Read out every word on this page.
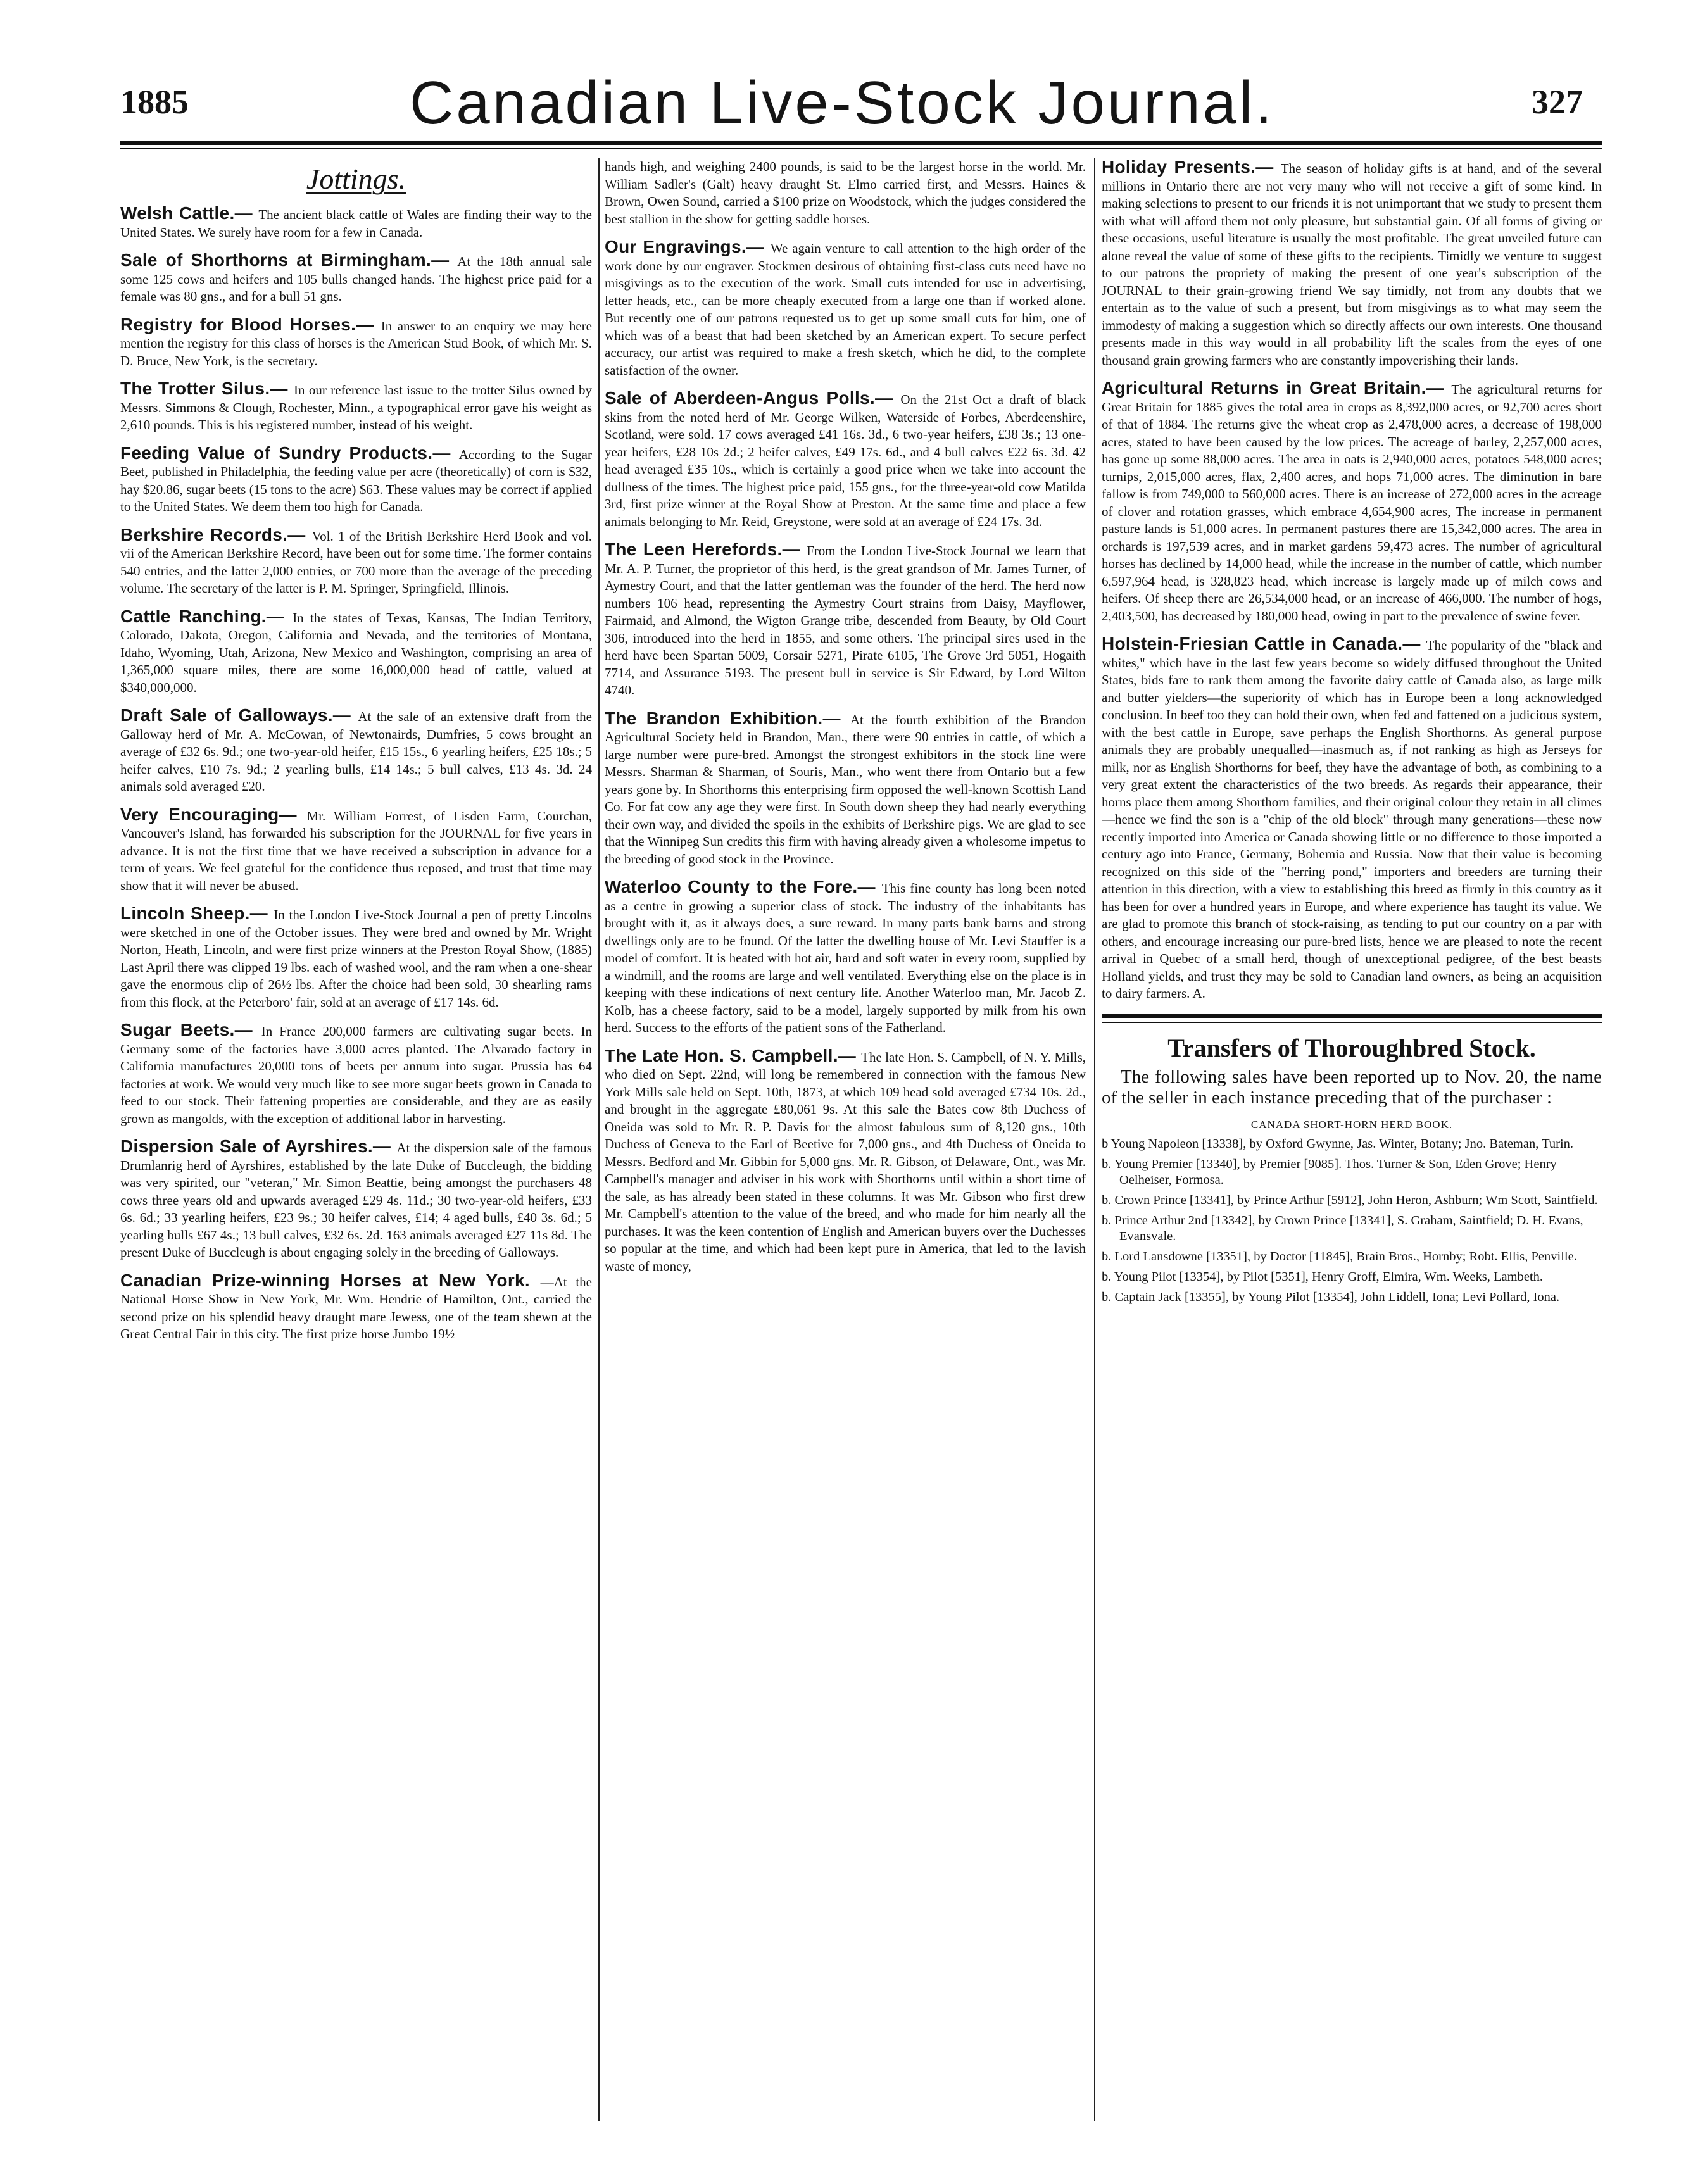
1885	Canadian Live-Stock Journal.	327
Jottings.

Welsh Cattle.— The ancient black cattle of Wales are finding their way to the United States. We surely have room for a few in Canada.

Sale of Shorthorns at Birmingham.— At the 18th annual sale some 125 cows and heifers and 105 bulls changed hands. The highest price paid for a female was 80 gns., and for a bull 51 gns.

Registry for Blood Horses.— In answer to an enquiry we may here mention the registry for this class of horses is the American Stud Book, of which Mr. S. D. Bruce, New York, is the secretary.

The Trotter Silus.— In our reference last issue to the trotter Silus owned by Messrs. Simmons & Clough, Rochester, Minn., a typographical error gave his weight as 2,610 pounds. This is his registered number, instead of his weight.

Feeding Value of Sundry Products.— According to the Sugar Beet, published in Philadelphia, the feeding value per acre (theoretically) of corn is $32, hay $20.86, sugar beets (15 tons to the acre) $63. These values may be correct if applied to the United States. We deem them too high for Canada.

Berkshire Records.— Vol. 1 of the British Berkshire Herd Book and vol. vii of the American Berkshire Record, have been out for some time. The former contains 540 entries, and the latter 2,000 entries, or 700 more than the average of the preceding volume. The secretary of the latter is P. M. Springer, Springfield, Illinois.

Cattle Ranching.— In the states of Texas, Kansas, The Indian Territory, Colorado, Dakota, Oregon, California and Nevada, and the territories of Montana, Idaho, Wyoming, Utah, Arizona, New Mexico and Washington, comprising an area of 1,365,000 square miles, there are some 16,000,000 head of cattle, valued at $340,000,000.

Draft Sale of Galloways.— At the sale of an extensive draft from the Galloway herd of Mr. A. McCowan, of Newtonairds, Dumfries, 5 cows brought an average of £32 6s. 9d.; one two-year-old heifer, £15 15s., 6 yearling heifers, £25 18s.; 5 heifer calves, £10 7s. 9d.; 2 yearling bulls, £14 14s.; 5 bull calves, £13 4s. 3d. 24 animals sold averaged £20.

Very Encouraging— Mr. William Forrest, of Lisden Farm, Courchan, Vancouver's Island, has forwarded his subscription for the JOURNAL for five years in advance. It is not the first time that we have received a subscription in advance for a term of years. We feel grateful for the confidence thus reposed, and trust that time may show that it will never be abused.

Lincoln Sheep.— In the London Live-Stock Journal a pen of pretty Lincolns were sketched in one of the October issues. They were bred and owned by Mr. Wright Norton, Heath, Lincoln, and were first prize winners at the Preston Royal Show, (1885) Last April there was clipped 19 lbs. each of washed wool, and the ram when a one-shear gave the enormous clip of 26½ lbs. After the choice had been sold, 30 shearling rams from this flock, at the Peterboro' fair, sold at an average of £17 14s. 6d.

Sugar Beets.— In France 200,000 farmers are cultivating sugar beets. In Germany some of the factories have 3,000 acres planted. The Alvarado factory in California manufactures 20,000 tons of beets per annum into sugar. Prussia has 64 factories at work. We would very much like to see more sugar beets grown in Canada to feed to our stock. Their fattening properties are considerable, and they are as easily grown as mangolds, with the exception of additional labor in harvesting.

Dispersion Sale of Ayrshires.— At the dispersion sale of the famous Drumlanrig herd of Ayrshires, established by the late Duke of Buccleugh, the bidding was very spirited, our "veteran," Mr. Simon Beattie, being amongst the purchasers 48 cows three years old and upwards averaged £29 4s. 11d.; 30 two-year-old heifers, £33 6s. 6d.; 33 yearling heifers, £23 9s.; 30 heifer calves, £14; 4 aged bulls, £40 3s. 6d.; 5 yearling bulls £67 4s.; 13 bull calves, £32 6s. 2d. 163 animals averaged £27 11s 8d. The present Duke of Buccleugh is about engaging solely in the breeding of Galloways.

Canadian Prize-winning Horses at New York. —At the National Horse Show in New York, Mr. Wm. Hendrie of Hamilton, Ont., carried the second prize on his splendid heavy draught mare Jewess, one of the team shewn at the Great Central Fair in this city. The first prize horse Jumbo 19½

hands high, and weighing 2400 pounds, is said to be the largest horse in the world. Mr. William Sadler's (Galt) heavy draught St. Elmo carried first, and Messrs. Haines & Brown, Owen Sound, carried a $100 prize on Woodstock, which the judges considered the best stallion in the show for getting saddle horses.

Our Engravings.— We again venture to call attention to the high order of the work done by our engraver. Stockmen desirous of obtaining first-class cuts need have no misgivings as to the execution of the work. Small cuts intended for use in advertising, letter heads, etc., can be more cheaply executed from a large one than if worked alone. But recently one of our patrons requested us to get up some small cuts for him, one of which was of a beast that had been sketched by an American expert. To secure perfect accuracy, our artist was required to make a fresh sketch, which he did, to the complete satisfaction of the owner.

Sale of Aberdeen-Angus Polls.— On the 21st Oct a draft of black skins from the noted herd of Mr. George Wilken, Waterside of Forbes, Aberdeenshire, Scotland, were sold. 17 cows averaged £41 16s. 3d., 6 two-year heifers, £38 3s.; 13 one-year heifers, £28 10s 2d.; 2 heifer calves, £49 17s. 6d., and 4 bull calves £22 6s. 3d. 42 head averaged £35 10s., which is certainly a good price when we take into account the dullness of the times. The highest price paid, 155 gns., for the three-year-old cow Matilda 3rd, first prize winner at the Royal Show at Preston. At the same time and place a few animals belonging to Mr. Reid, Greystone, were sold at an average of £24 17s. 3d.

The Leen Herefords.— From the London Live-Stock Journal we learn that Mr. A. P. Turner, the proprietor of this herd, is the great grandson of Mr. James Turner, of Aymestry Court, and that the latter gentleman was the founder of the herd. The herd now numbers 106 head, representing the Aymestry Court strains from Daisy, Mayflower, Fairmaid, and Almond, the Wigton Grange tribe, descended from Beauty, by Old Court 306, introduced into the herd in 1855, and some others. The principal sires used in the herd have been Spartan 5009, Corsair 5271, Pirate 6105, The Grove 3rd 5051, Hogaith 7714, and Assurance 5193. The present bull in service is Sir Edward, by Lord Wilton 4740.

The Brandon Exhibition.— At the fourth exhibition of the Brandon Agricultural Society held in Brandon, Man., there were 90 entries in cattle, of which a large number were pure-bred. Amongst the strongest exhibitors in the stock line were Messrs. Sharman & Sharman, of Souris, Man., who went there from Ontario but a few years gone by. In Shorthorns this enterprising firm opposed the well-known Scottish Land Co. For fat cow any age they were first. In South down sheep they had nearly everything their own way, and divided the spoils in the exhibits of Berkshire pigs. We are glad to see that the Winnipeg Sun credits this firm with having already given a wholesome impetus to the breeding of good stock in the Province.

Waterloo County to the Fore.— This fine county has long been noted as a centre in growing a superior class of stock. The industry of the inhabitants has brought with it, as it always does, a sure reward. In many parts bank barns and strong dwellings only are to be found. Of the latter the dwelling house of Mr. Levi Stauffer is a model of comfort. It is heated with hot air, hard and soft water in every room, supplied by a windmill, and the rooms are large and well ventilated. Everything else on the place is in keeping with these indications of next century life. Another Waterloo man, Mr. Jacob Z. Kolb, has a cheese factory, said to be a model, largely supported by milk from his own herd. Success to the efforts of the patient sons of the Fatherland.

The Late Hon. S. Campbell.— The late Hon. S. Campbell, of N. Y. Mills, who died on Sept. 22nd, will long be remembered in connection with the famous New York Mills sale held on Sept. 10th, 1873, at which 109 head sold averaged £734 10s. 2d., and brought in the aggregate £80,061 9s. At this sale the Bates cow 8th Duchess of Oneida was sold to Mr. R. P. Davis for the almost fabulous sum of 8,120 gns., 10th Duchess of Geneva to the Earl of Beetive for 7,000 gns., and 4th Duchess of Oneida to Messrs. Bedford and Mr. Gibbin for 5,000 gns. Mr. R. Gibson, of Delaware, Ont., was Mr. Campbell's manager and adviser in his work with Shorthorns until within a short time of the sale, as has already been stated in these columns. It was Mr. Gibson who first drew Mr. Campbell's attention to the value of the breed, and who made for him nearly all the purchases. It was the keen contention of English and American buyers over the Duchesses so popular at the time, and which had been kept pure in America, that led to the lavish waste of money,

Holiday Presents.— The season of holiday gifts is at hand, and of the several millions in Ontario there are not very many who will not receive a gift of some kind. In making selections to present to our friends it is not unimportant that we study to present them with what will afford them not only pleasure, but substantial gain. Of all forms of giving or these occasions, useful literature is usually the most profitable. The great unveiled future can alone reveal the value of some of these gifts to the recipients. Timidly we venture to suggest to our patrons the propriety of making the present of one year's subscription of the JOURNAL to their grain-growing friend We say timidly, not from any doubts that we entertain as to the value of such a present, but from misgivings as to what may seem the immodesty of making a suggestion which so directly affects our own interests. One thousand presents made in this way would in all probability lift the scales from the eyes of one thousand grain growing farmers who are constantly impoverishing their lands.

Agricultural Returns in Great Britain.— The agricultural returns for Great Britain for 1885 gives the total area in crops as 8,392,000 acres, or 92,700 acres short of that of 1884. The returns give the wheat crop as 2,478,000 acres, a decrease of 198,000 acres, stated to have been caused by the low prices. The acreage of barley, 2,257,000 acres, has gone up some 88,000 acres. The area in oats is 2,940,000 acres, potatoes 548,000 acres; turnips, 2,015,000 acres, flax, 2,400 acres, and hops 71,000 acres. The diminution in bare fallow is from 749,000 to 560,000 acres. There is an increase of 272,000 acres in the acreage of clover and rotation grasses, which embrace 4,654,900 acres, The increase in permanent pasture lands is 51,000 acres. In permanent pastures there are 15,342,000 acres. The area in orchards is 197,539 acres, and in market gardens 59,473 acres. The number of agricultural horses has declined by 14,000 head, while the increase in the number of cattle, which number 6,597,964 head, is 328,823 head, which increase is largely made up of milch cows and heifers. Of sheep there are 26,534,000 head, or an increase of 466,000. The number of hogs, 2,403,500, has decreased by 180,000 head, owing in part to the prevalence of swine fever.

Holstein-Friesian Cattle in Canada.— The popularity of the "black and whites," which have in the last few years become so widely diffused throughout the United States, bids fare to rank them among the favorite dairy cattle of Canada also, as large milk and butter yielders—the superiority of which has in Europe been a long acknowledged conclusion. In beef too they can hold their own, when fed and fattened on a judicious system, with the best cattle in Europe, save perhaps the English Shorthorns. As general purpose animals they are probably unequalled—inasmuch as, if not ranking as high as Jerseys for milk, nor as English Shorthorns for beef, they have the advantage of both, as combining to a very great extent the characteristics of the two breeds. As regards their appearance, their horns place them among Shorthorn families, and their original colour they retain in all climes—hence we find the son is a "chip of the old block" through many generations—these now recently imported into America or Canada showing little or no difference to those imported a century ago into France, Germany, Bohemia and Russia. Now that their value is becoming recognized on this side of the "herring pond," importers and breeders are turning their attention in this direction, with a view to establishing this breed as firmly in this country as it has been for over a hundred years in Europe, and where experience has taught its value. We are glad to promote this branch of stock-raising, as tending to put our country on a par with others, and encourage increasing our pure-bred lists, hence we are pleased to note the recent arrival in Quebec of a small herd, though of unexceptional pedigree, of the best beasts Holland yields, and trust they may be sold to Canadian land owners, as being an acquisition to dairy farmers. A.

Transfers of Thoroughbred Stock.
The following sales have been reported up to Nov. 20, the name of the seller in each instance preceding that of the purchaser :
CANADA SHORT-HORN HERD BOOK.
b Young Napoleon [13338], by Oxford Gwynne, Jas. Winter, Botany; Jno. Bateman, Turin.
b. Young Premier [13340], by Premier [9085]. Thos. Turner & Son, Eden Grove; Henry Oelheiser, Formosa.
b. Crown Prince [13341], by Prince Arthur [5912], John Heron, Ashburn; Wm Scott, Saintfield.
b. Prince Arthur 2nd [13342], by Crown Prince [13341], S. Graham, Saintfield; D. H. Evans, Evansvale.
b. Lord Lansdowne [13351], by Doctor [11845], Brain Bros., Hornby; Robt. Ellis, Penville.
b. Young Pilot [13354], by Pilot [5351], Henry Groff, Elmira, Wm. Weeks, Lambeth.
b. Captain Jack [13355], by Young Pilot [13354], John Liddell, Iona; Levi Pollard, Iona.
